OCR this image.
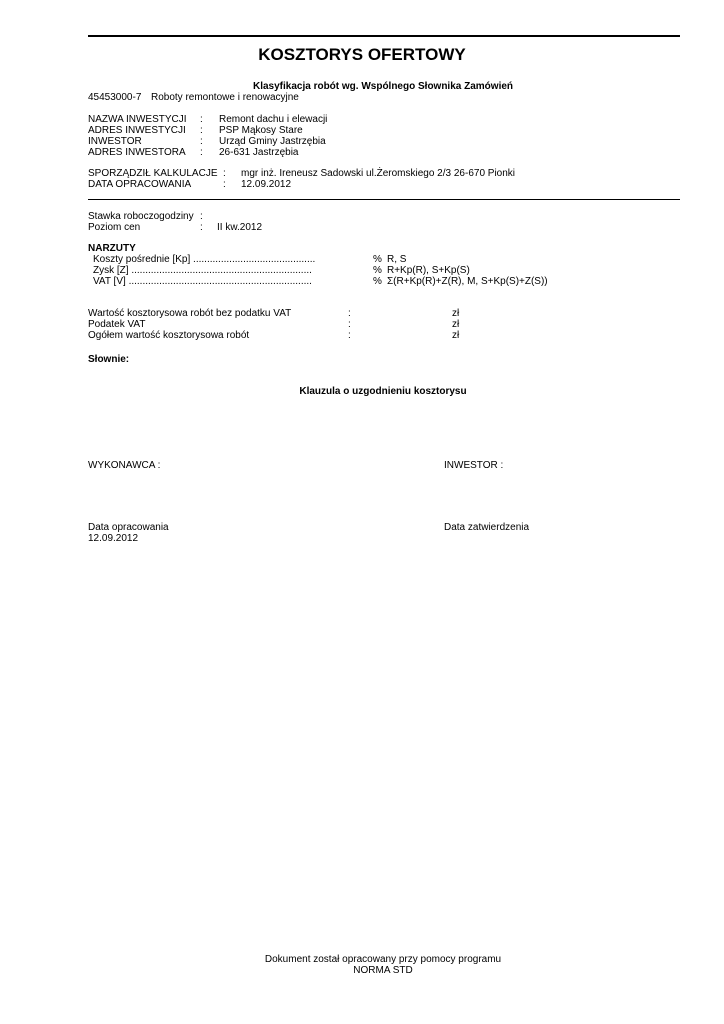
KOSZTORYS OFERTOWY
Klasyfikacja robót wg. Wspólnego Słownika Zamówień
45453000-7 Roboty remontowe i renowacyjne
NAZWA INWESTYCJI : Remont dachu i elewacji
ADRES INWESTYCJI : PSP Mąkosy Stare
INWESTOR	: Urząd Gminy Jastrzębia
ADRES INWESTORA : 26-631 Jastrzębia
SPORZĄDZIŁ KALKULACJE : mgr inż. Ireneusz Sadowski ul.Żeromskiego 2/3 26-670 Pionki
DATA OPRACOWANIA	: 12.09.2012
Stawka roboczogodziny :
Poziom cen	: II kw.2012
NARZUTY
Koszty pośrednie [Kp] ............................................	% R, S
Zysk [Z] .................................................................	% R+Kp(R), S+Kp(S)
VAT [V] ..................................................................	% Σ(R+Kp(R)+Z(R), M, S+Kp(S)+Z(S))
Wartość kosztorysowa robót bez podatku VAT	:	zł
Podatek VAT	:	zł
Ogółem wartość kosztorysowa robót	:	zł
Słownie:
Klauzula o uzgodnieniu kosztorysu
WYKONAWCA :	INWESTOR :
Data opracowania
12.09.2012
Data zatwierdzenia
Dokument został opracowany przy pomocy programu
NORMA STD
